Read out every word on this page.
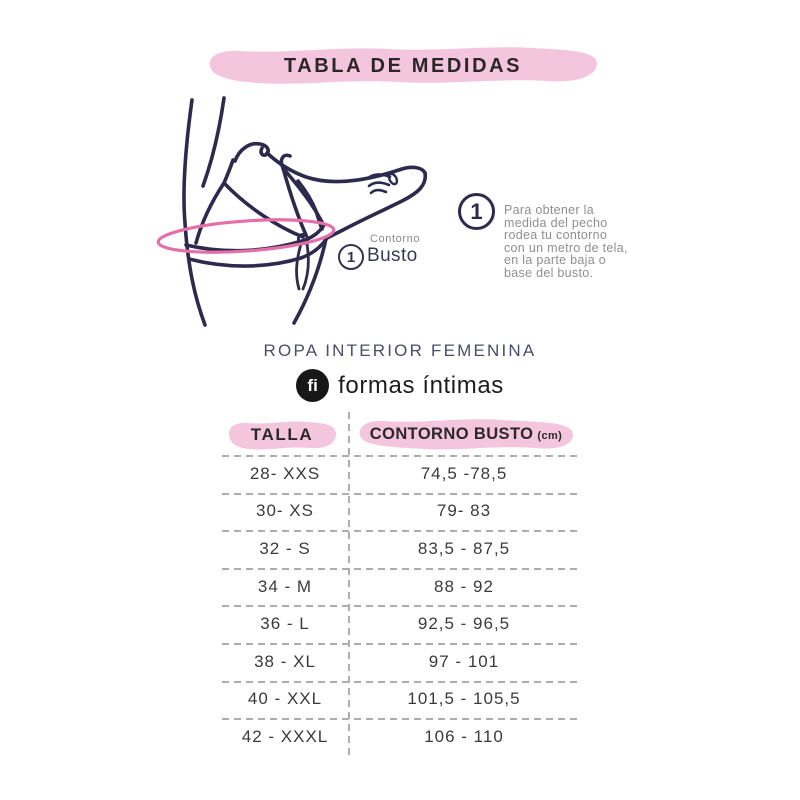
TABLA DE MEDIDAS
1
Contorno
Busto
1 Para obtener la medida del pecho rodea tu contorno con un metro de tela, en la parte baja o base del busto.

ROPA INTERIOR FEMENINA
fi formas íntimas
TALLA	CONTORNO BUSTO (cm)
28- XXS	74,5 -78,5
30- XS	79- 83
32 - S	83,5 - 87,5
34 - M	88 - 92
36 - L	92,5 - 96,5
38 - XL	97 - 101
40 - XXL	101,5 - 105,5
42 - XXXL	106 - 110
